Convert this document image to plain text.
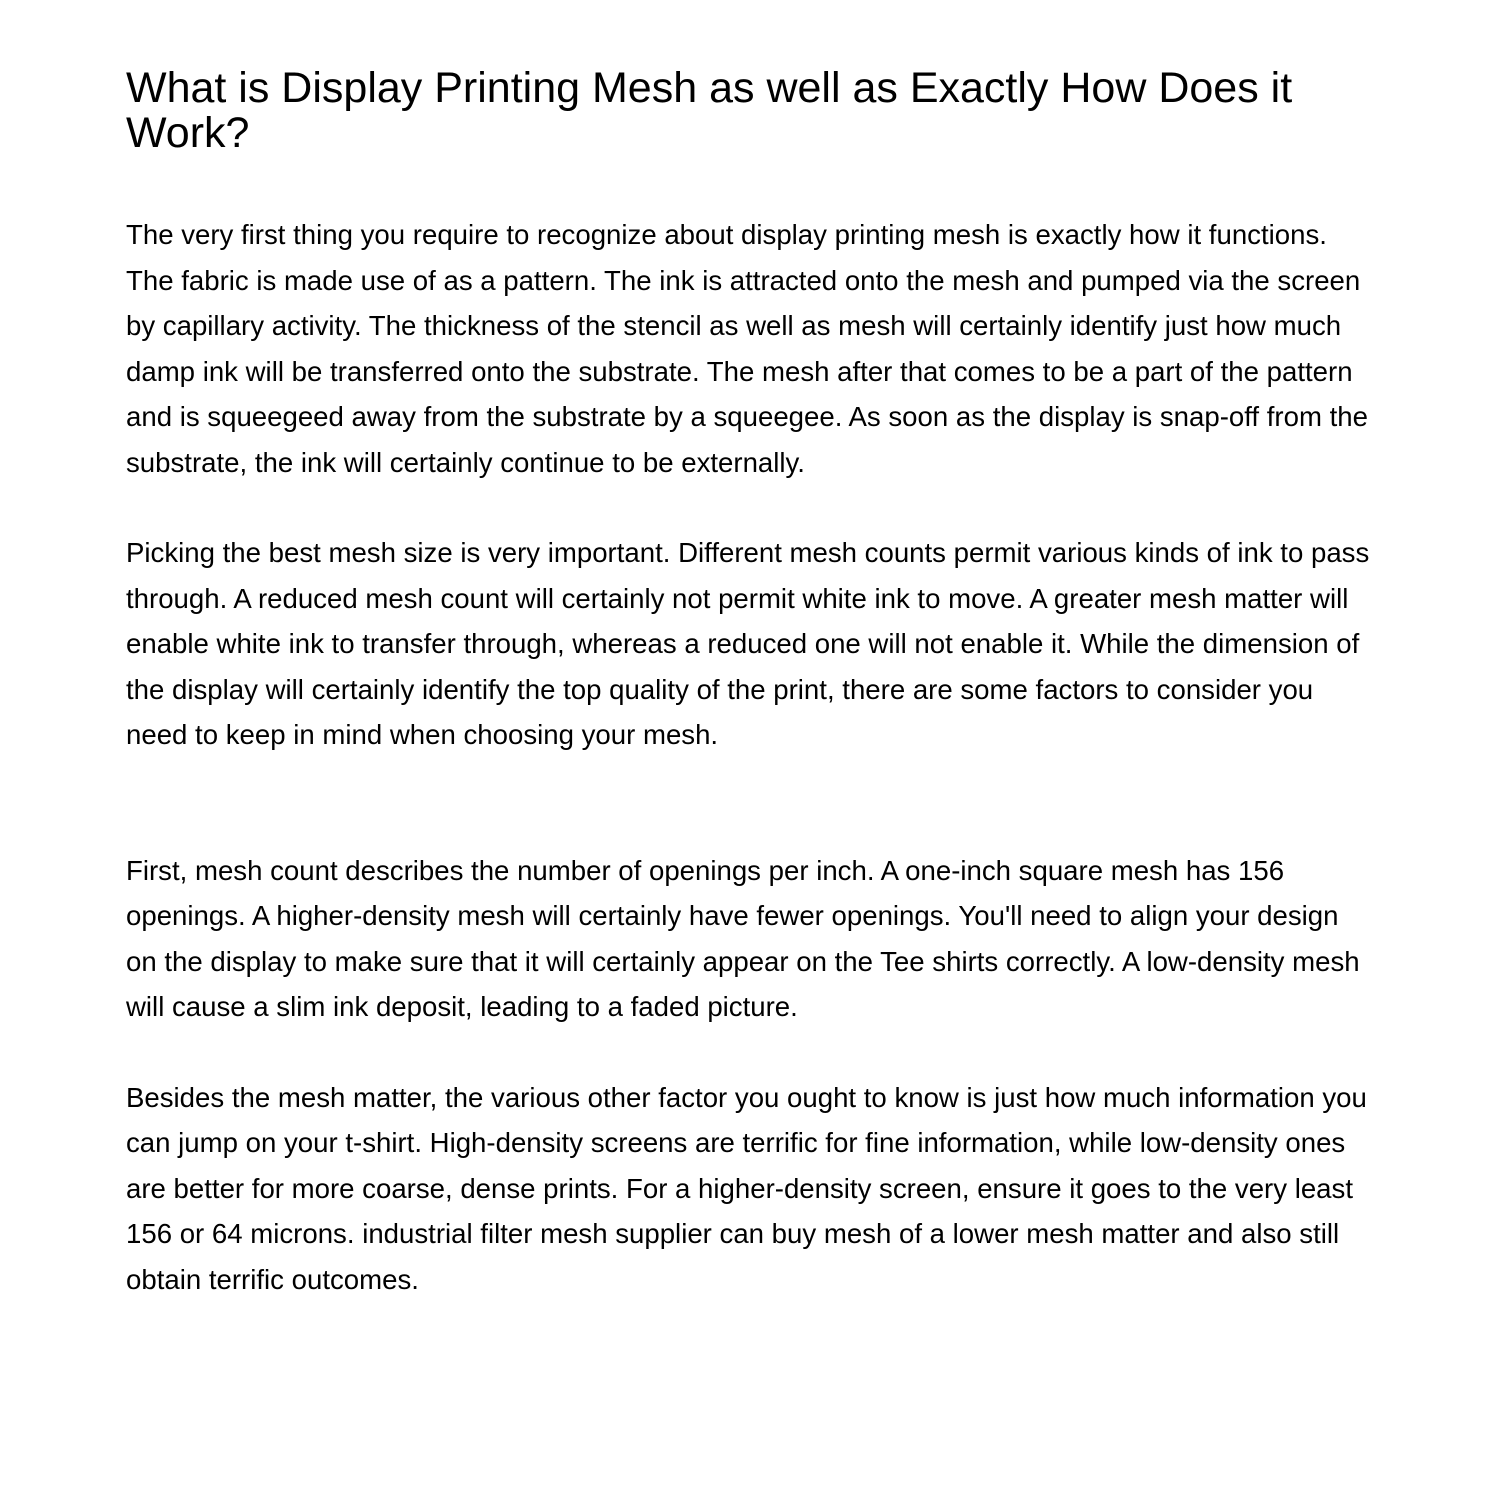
What is Display Printing Mesh as well as Exactly How Does it Work?

The very first thing you require to recognize about display printing mesh is exactly how it functions. The fabric is made use of as a pattern. The ink is attracted onto the mesh and pumped via the screen by capillary activity. The thickness of the stencil as well as mesh will certainly identify just how much damp ink will be transferred onto the substrate. The mesh after that comes to be a part of the pattern and is squeegeed away from the substrate by a squeegee. As soon as the display is snap-off from the substrate, the ink will certainly continue to be externally.

Picking the best mesh size is very important. Different mesh counts permit various kinds of ink to pass through. A reduced mesh count will certainly not permit white ink to move. A greater mesh matter will enable white ink to transfer through, whereas a reduced one will not enable it. While the dimension of the display will certainly identify the top quality of the print, there are some factors to consider you need to keep in mind when choosing your mesh.

First, mesh count describes the number of openings per inch. A one-inch square mesh has 156 openings. A higher-density mesh will certainly have fewer openings. You'll need to align your design on the display to make sure that it will certainly appear on the Tee shirts correctly. A low-density mesh will cause a slim ink deposit, leading to a faded picture.

Besides the mesh matter, the various other factor you ought to know is just how much information you can jump on your t-shirt. High-density screens are terrific for fine information, while low-density ones are better for more coarse, dense prints. For a higher-density screen, ensure it goes to the very least 156 or 64 microns. industrial filter mesh supplier can buy mesh of a lower mesh matter and also still obtain terrific outcomes.
